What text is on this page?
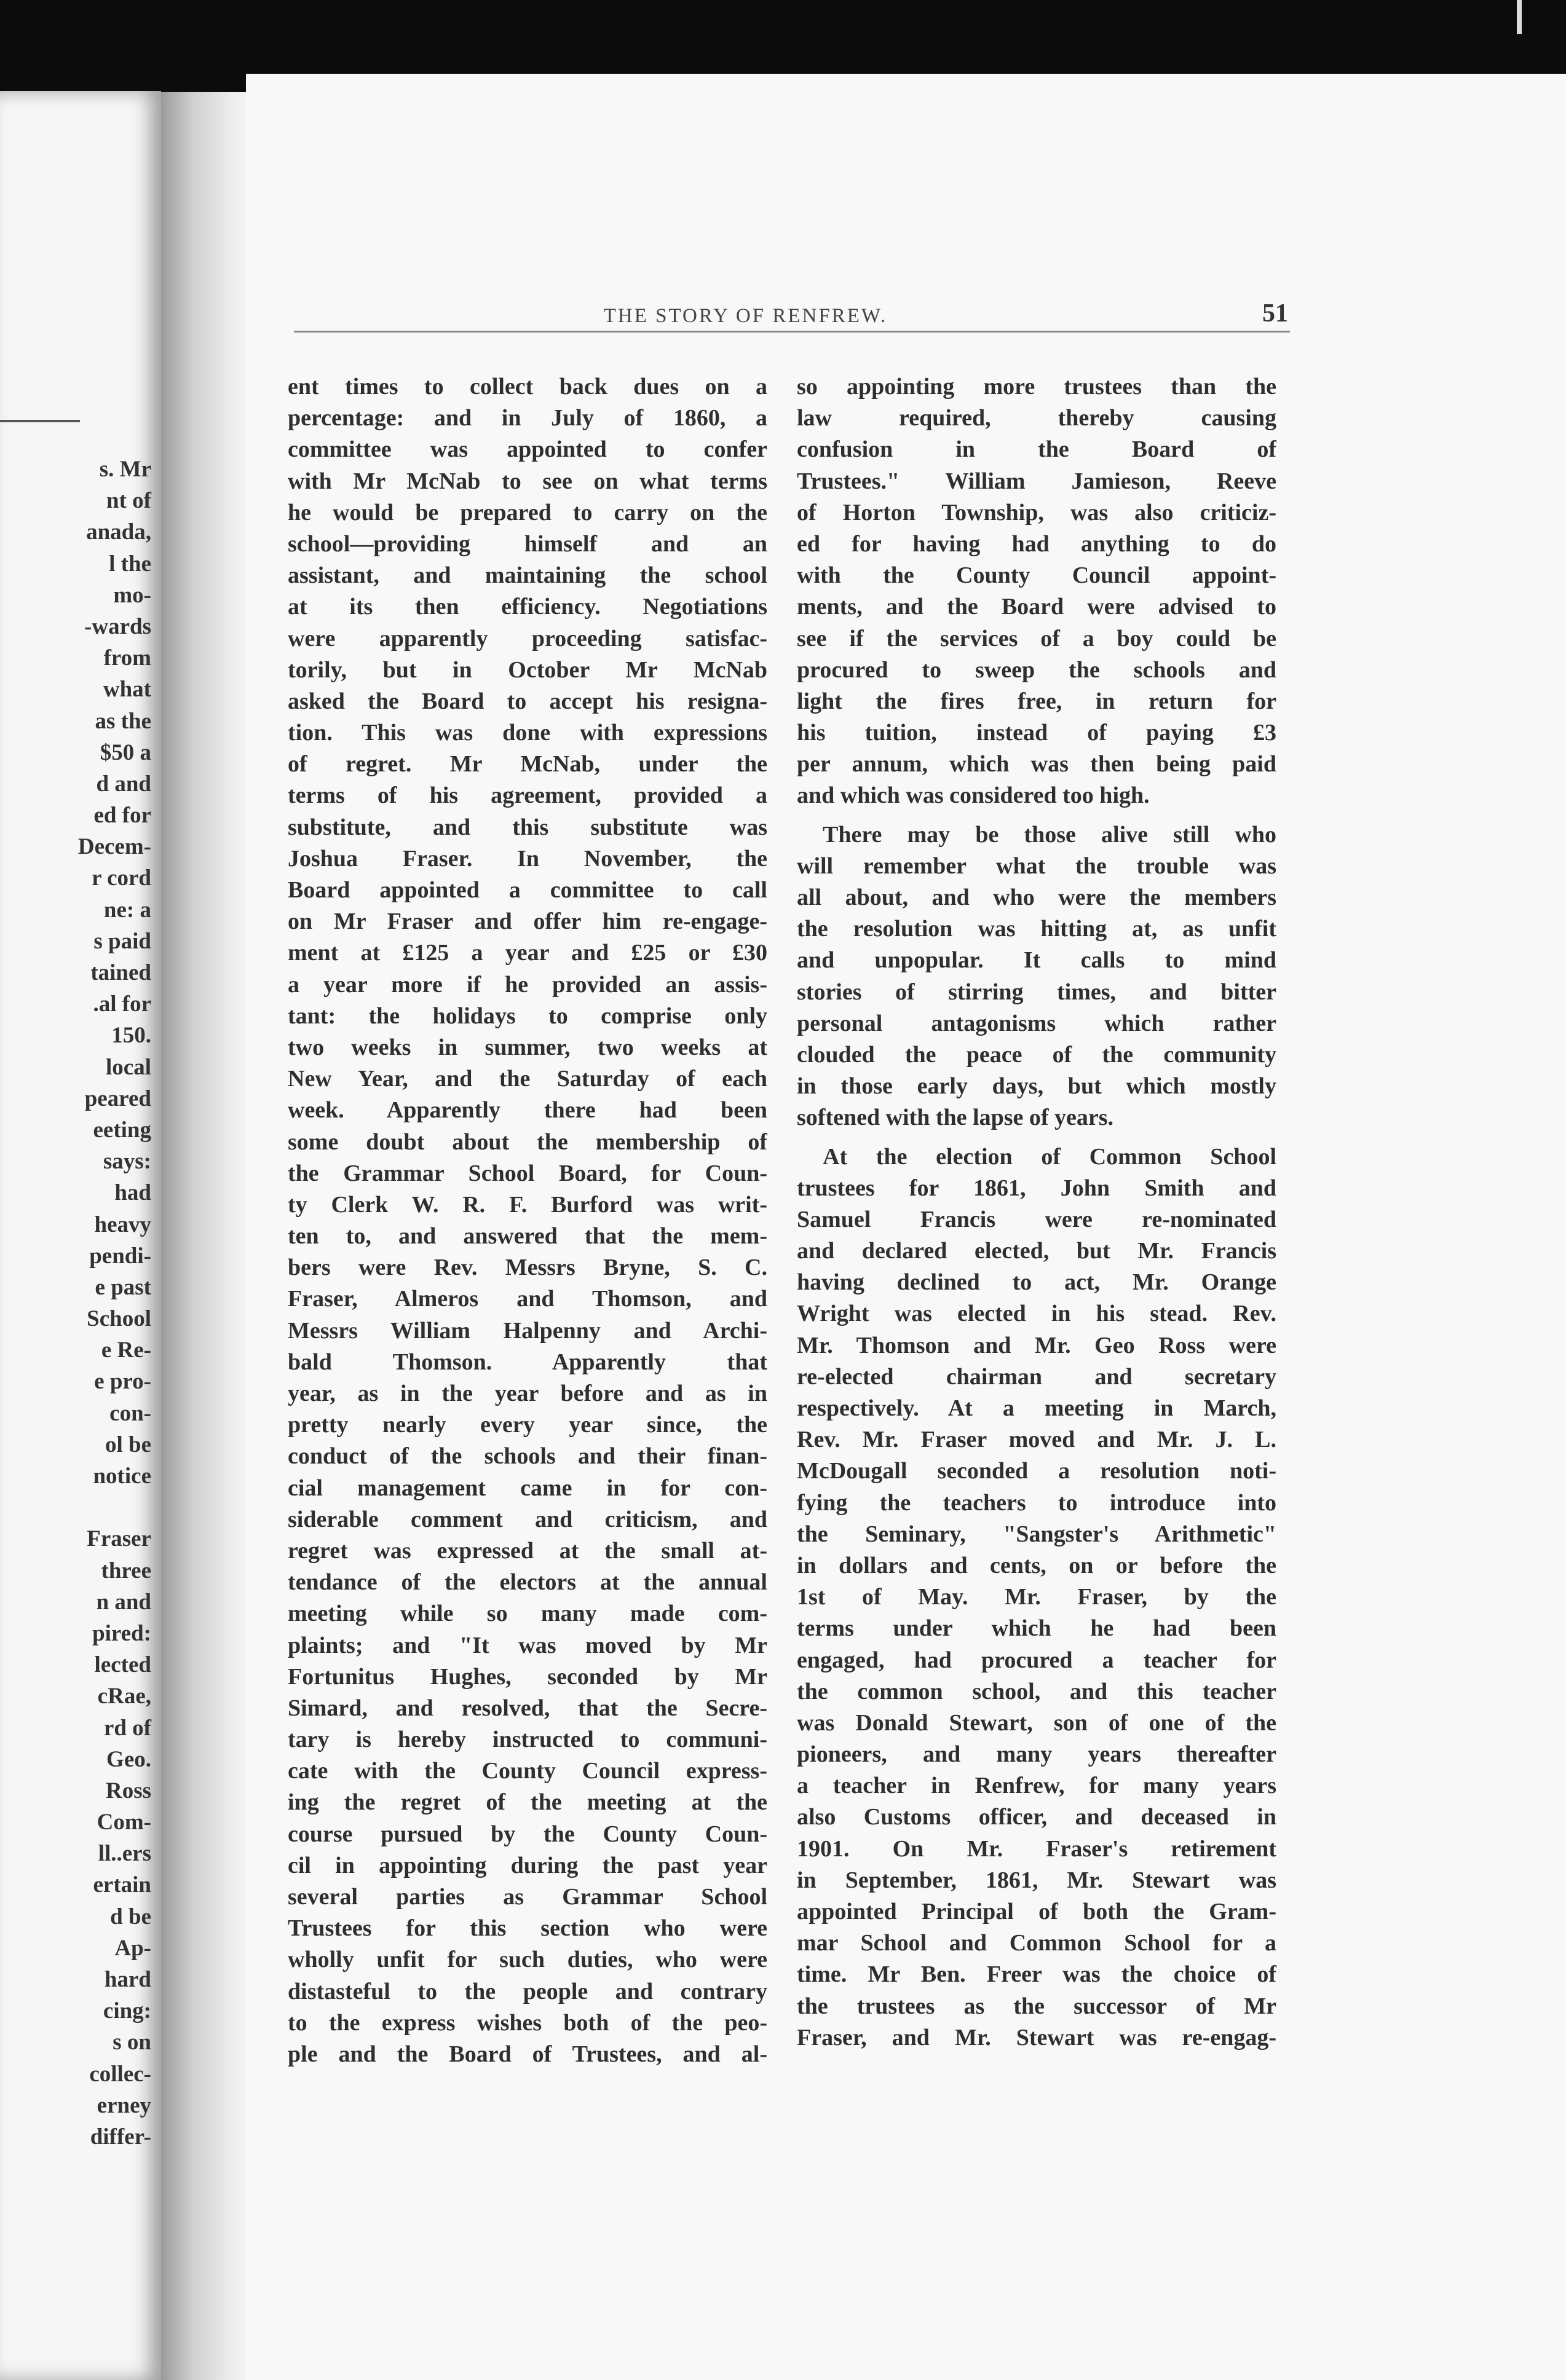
s. Mr
nt of
anada,
l the
mo-
-wards
from
what
as the
$50 a
d and
ed for
Decem-
r cord
ne: a
s paid
tained
.al for
150.
local
peared
eeting
says:
had
heavy
pendi-
e past
School
e Re-
e pro-
con-
ol be
notice
Fraser
three
n and
pired:
lected
cRae,
rd of
Geo.
Ross
Com-
ll..ers
ertain
d be
Ap-
hard
cing:
s on
collec-
erney
differ-
THE STORY OF RENFREW.	51
ent times to collect back dues on a
percentage: and in July of 1860, a
committee was appointed to confer
with Mr McNab to see on what terms
he would be prepared to carry on the
school—providing himself and an
assistant, and maintaining the school
at its then efficiency. Negotiations
were apparently proceeding satisfac-
torily, but in October Mr McNab
asked the Board to accept his resigna-
tion. This was done with expressions
of regret. Mr McNab, under the
terms of his agreement, provided a
substitute, and this substitute was
Joshua Fraser. In November, the
Board appointed a committee to call
on Mr Fraser and offer him re-engage-
ment at £125 a year and £25 or £30
a year more if he provided an assis-
tant: the holidays to comprise only
two weeks in summer, two weeks at
New Year, and the Saturday of each
week. Apparently there had been
some doubt about the membership of
the Grammar School Board, for Coun-
ty Clerk W. R. F. Burford was writ-
ten to, and answered that the mem-
bers were Rev. Messrs Bryne, S. C.
Fraser, Almeros and Thomson, and
Messrs William Halpenny and Archi-
bald Thomson. Apparently that
year, as in the year before and as in
pretty nearly every year since, the
conduct of the schools and their finan-
cial management came in for con-
siderable comment and criticism, and
regret was expressed at the small at-
tendance of the electors at the annual
meeting while so many made com-
plaints; and "It was moved by Mr
Fortunitus Hughes, seconded by Mr
Simard, and resolved, that the Secre-
tary is hereby instructed to communi-
cate with the County Council express-
ing the regret of the meeting at the
course pursued by the County Coun-
cil in appointing during the past year
several parties as Grammar School
Trustees for this section who were
wholly unfit for such duties, who were
distasteful to the people and contrary
to the express wishes both of the peo-
ple and the Board of Trustees, and al-
so appointing more trustees than the
law required, thereby causing
confusion in the Board of
Trustees." William Jamieson, Reeve
of Horton Township, was also criticiz-
ed for having had anything to do
with the County Council appoint-
ments, and the Board were advised to
see if the services of a boy could be
procured to sweep the schools and
light the fires free, in return for
his tuition, instead of paying £3
per annum, which was then being paid
and which was considered too high.
There may be those alive still who
will remember what the trouble was
all about, and who were the members
the resolution was hitting at, as unfit
and unpopular. It calls to mind
stories of stirring times, and bitter
personal antagonisms which rather
clouded the peace of the community
in those early days, but which mostly
softened with the lapse of years.
At the election of Common School
trustees for 1861, John Smith and
Samuel Francis were re-nominated
and declared elected, but Mr. Francis
having declined to act, Mr. Orange
Wright was elected in his stead. Rev.
Mr. Thomson and Mr. Geo Ross were
re-elected chairman and secretary
respectively. At a meeting in March,
Rev. Mr. Fraser moved and Mr. J. L.
McDougall seconded a resolution noti-
fying the teachers to introduce into
the Seminary, "Sangster's Arithmetic"
in dollars and cents, on or before the
1st of May. Mr. Fraser, by the
terms under which he had been
engaged, had procured a teacher for
the common school, and this teacher
was Donald Stewart, son of one of the
pioneers, and many years thereafter
a teacher in Renfrew, for many years
also Customs officer, and deceased in
1901. On Mr. Fraser's retirement
in September, 1861, Mr. Stewart was
appointed Principal of both the Gram-
mar School and Common School for a
time. Mr Ben. Freer was the choice of
the trustees as the successor of Mr
Fraser, and Mr. Stewart was re-engag-
